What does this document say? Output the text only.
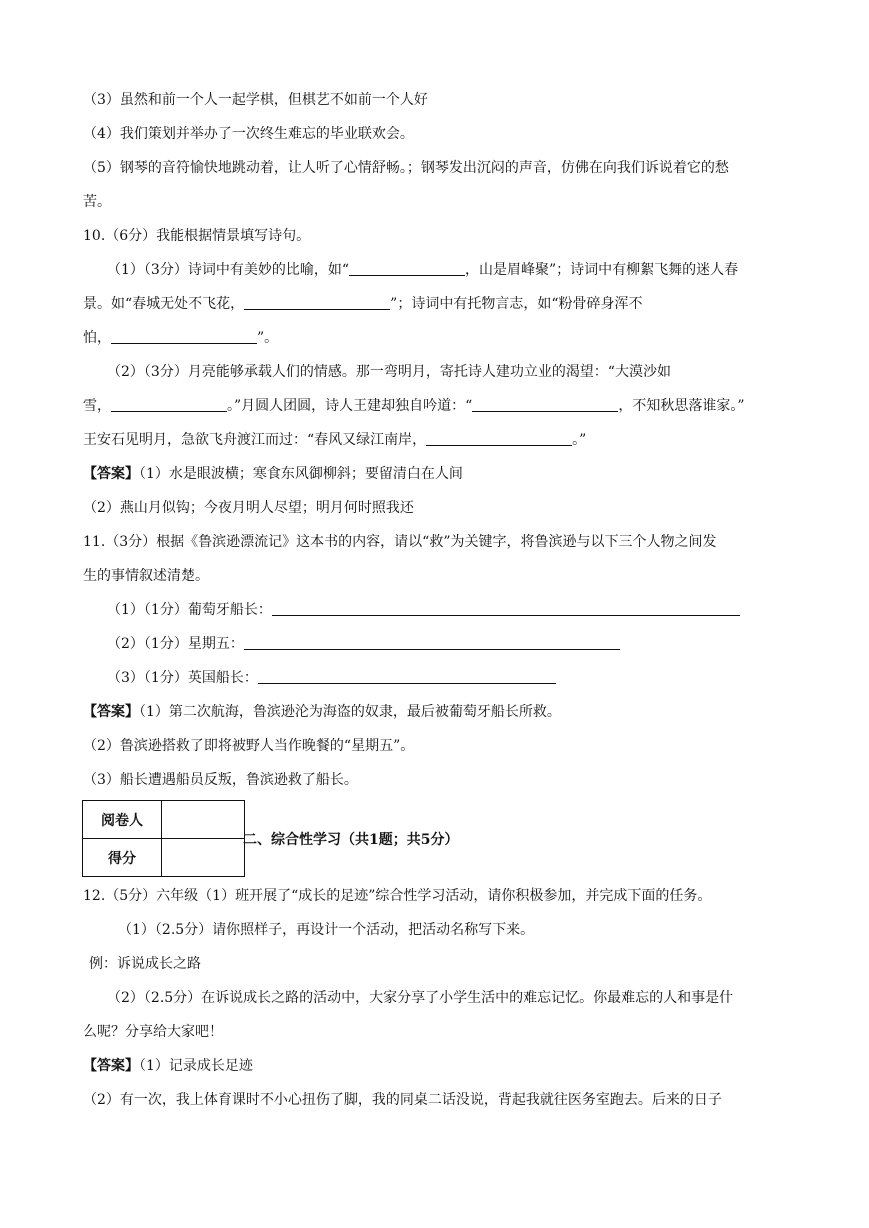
（3）虽然和前一个人一起学棋，但棋艺不如前一个人好
（4）我们策划并举办了一次终生难忘的毕业联欢会。
（5）钢琴的音符愉快地跳动着，让人听了心情舒畅。；钢琴发出沉闷的声音，仿佛在向我们诉说着它的愁
苦。
10.（6分）我能根据情景填写诗句。
（1）（3分）诗词中有美妙的比喻，如“	，山是眉峰聚”；诗词中有柳絮飞舞的迷人春
景。如“春城无处不飞花，	”；诗词中有托物言志，如“粉骨碎身浑不
怕，	”。
（2）（3分）月亮能够承载人们的情感。那一弯明月，寄托诗人建功立业的渴望：“大漠沙如
雪，	。”月圆人团圆，诗人王建却独自吟道：“	，不知秋思落谁家。”
王安石见明月，急欲飞舟渡江而过：“春风又绿江南岸，	。”
【答案】（1）水是眼波横；寒食东风御柳斜；要留清白在人间
（2）燕山月似钩；今夜月明人尽望；明月何时照我还
11.（3分）根据《鲁滨逊漂流记》这本书的内容，请以“救”为关键字，将鲁滨逊与以下三个人物之间发
生的事情叙述清楚。
（1）（1分）葡萄牙船长：
（2）（1分）星期五：
（3）（1分）英国船长：
【答案】（1）第二次航海，鲁滨逊沦为海盗的奴隶，最后被葡萄牙船长所救。
（2）鲁滨逊搭救了即将被野人当作晚餐的“星期五”。
（3）船长遭遇船员反叛，鲁滨逊救了船长。
阅卷人	
得分	
二、综合性学习（共1题；共5分）
12.（5分）六年级（1）班开展了“成长的足迹”综合性学习活动，请你积极参加，并完成下面的任务。
（1）（2.5分）请你照样子，再设计一个活动，把活动名称写下来。
例：诉说成长之路
（2）（2.5分）在诉说成长之路的活动中，大家分享了小学生活中的难忘记忆。你最难忘的人和事是什
么呢？分享给大家吧！
【答案】（1）记录成长足迹
（2）有一次，我上体育课时不小心扭伤了脚，我的同桌二话没说，背起我就往医务室跑去。后来的日子
